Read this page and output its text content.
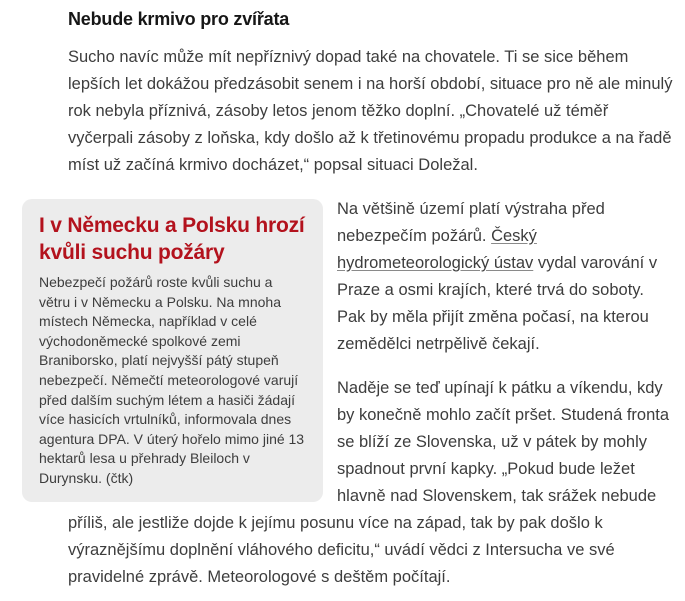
Nebude krmivo pro zvířata

Sucho navíc může mít nepříznivý dopad také na chovatele. Ti se sice během lepších let dokážou předzásobit senem i na horší období, situace pro ně ale minulý rok nebyla příznivá, zásoby letos jenom těžko doplní. „Chovatelé už téměř vyčerpali zásoby z loňska, kdy došlo až k třetinovému propadu produkce a na řadě míst už začíná krmivo docházet,“ popsal situaci Doležal.

I v Německu a Polsku hrozí kvůli suchu požáry

Nebezpečí požárů roste kvůli suchu a větru i v Německu a Polsku. Na mnoha místech Německa, například v celé východoněmecké spolkové zemi Braniborsko, platí nejvyšší pátý stupeň nebezpečí. Němečtí meteorologové varují před dalším suchým létem a hasiči žádají více hasicích vrtulníků, informovala dnes agentura DPA. V úterý hořelo mimo jiné 13 hektarů lesa u přehrady Bleiloch v Durynsku. (čtk)

Na většině území platí výstraha před nebezpečím požárů. Český hydrometeorologický ústav vydal varování v Praze a osmi krajích, které trvá do soboty. Pak by měla přijít změna počasí, na kterou zemědělci netrpělivě čekají.

Naděje se teď upínají k pátku a víkendu, kdy by konečně mohlo začít pršet. Studená fronta se blíží ze Slovenska, už v pátek by mohly spadnout první kapky. „Pokud bude ležet hlavně nad Slovenskem, tak srážek nebude příliš, ale jestliže dojde k jejímu posunu více na západ, tak by pak došlo k výraznějšímu doplnění vláhového deficitu,“ uvádí vědci z Intersucha ve své pravidelné zprávě. Meteorologové s deštěm počítají.
